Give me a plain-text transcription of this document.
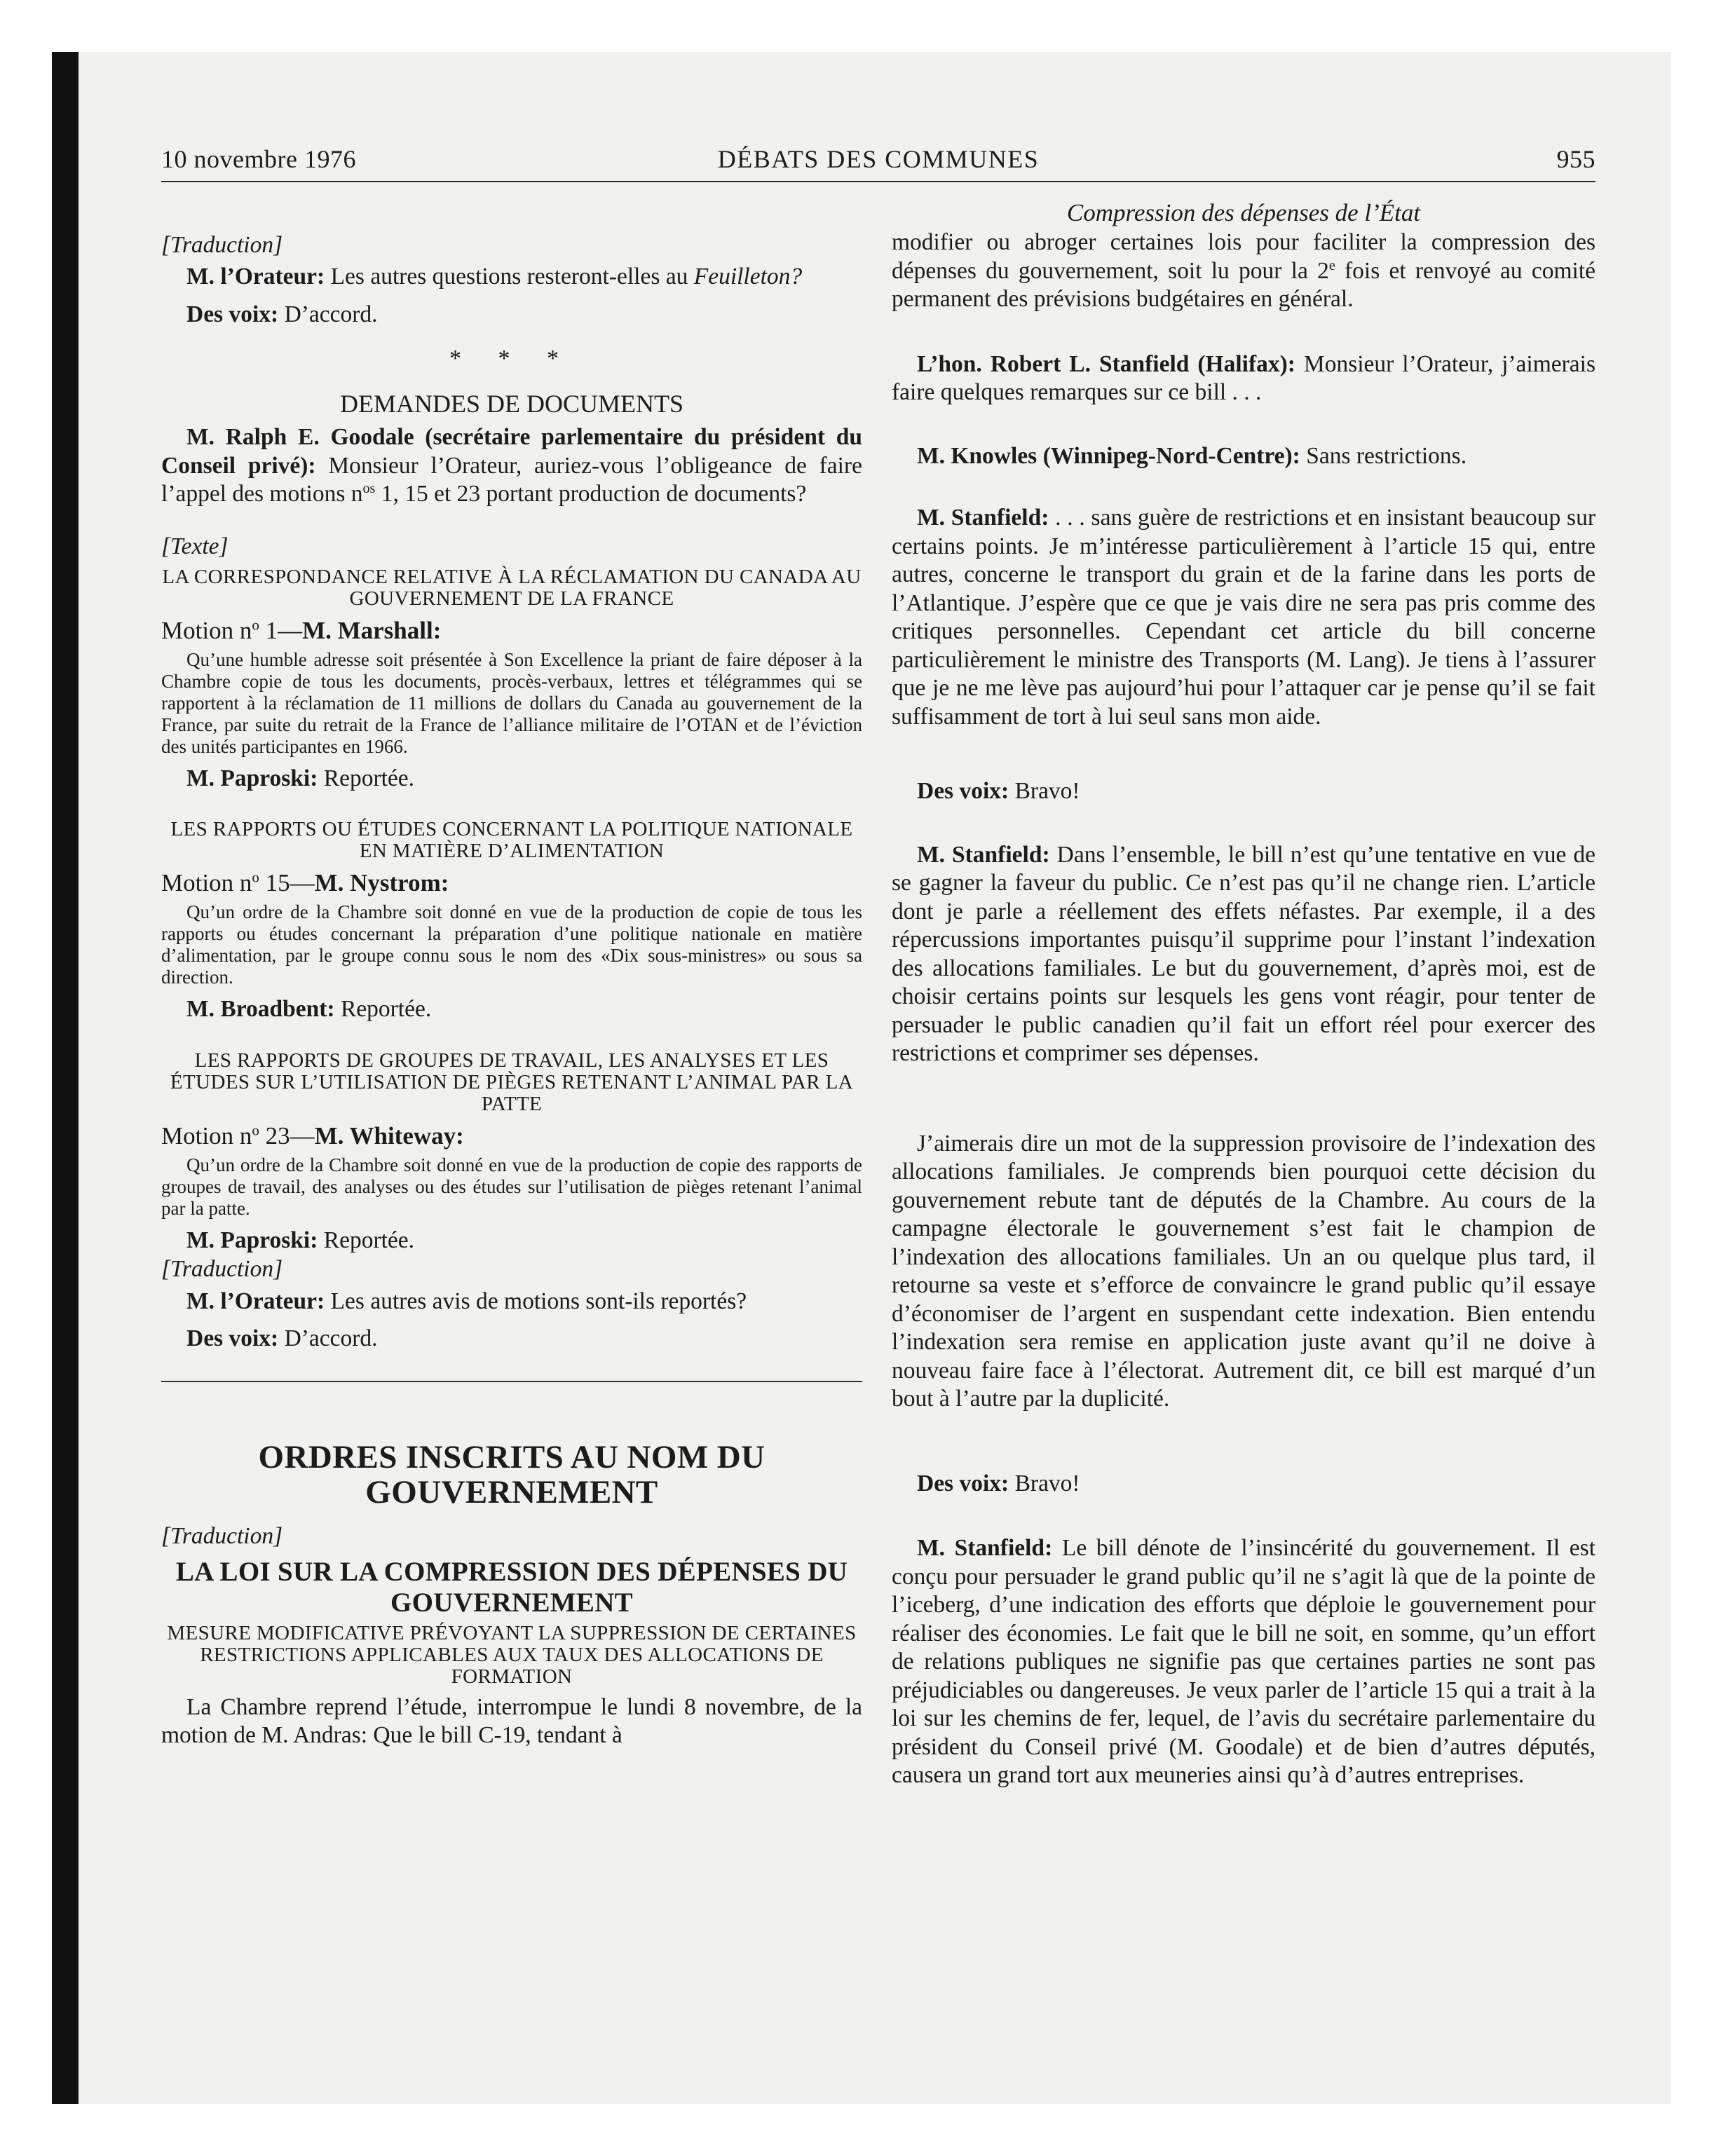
10 novembre 1976	DÉBATS DES COMMUNES	955

[Traduction]

M. l’Orateur: Les autres questions resteront-elles au Feuilleton?

Des voix: D’accord.

* * *

DEMANDES DE DOCUMENTS

M. Ralph E. Goodale (secrétaire parlementaire du président du Conseil privé): Monsieur l’Orateur, auriez-vous l’obligeance de faire l’appel des motions $n^{os}$ 1, 15 et 23 portant production de documents?

[Texte]

LA CORRESPONDANCE RELATIVE À LA RÉCLAMATION DU CANADA AU GOUVERNEMENT DE LA FRANCE

Motion $n^o$ 1—M. Marshall:

Qu’une humble adresse soit présentée à Son Excellence la priant de faire déposer à la Chambre copie de tous les documents, procès-verbaux, lettres et télégrammes qui se rapportent à la réclamation de 11 millions de dollars du Canada au gouvernement de la France, par suite du retrait de la France de l’alliance militaire de l’OTAN et de l’éviction des unités participantes en 1966.

M. Paproski: Reportée.

LES RAPPORTS OU ÉTUDES CONCERNANT LA POLITIQUE NATIONALE EN MATIÈRE D’ALIMENTATION

Motion $n^o$ 15—M. Nystrom:

Qu’un ordre de la Chambre soit donné en vue de la production de copie de tous les rapports ou études concernant la préparation d’une politique nationale en matière d’alimentation, par le groupe connu sous le nom des «Dix sous-ministres» ou sous sa direction.

M. Broadbent: Reportée.

LES RAPPORTS DE GROUPES DE TRAVAIL, LES ANALYSES ET LES ÉTUDES SUR L’UTILISATION DE PIÈGES RETENANT L’ANIMAL PAR LA PATTE

Motion $n^o$ 23—M. Whiteway:

Qu’un ordre de la Chambre soit donné en vue de la production de copie des rapports de groupes de travail, des analyses ou des études sur l’utilisation de pièges retenant l’animal par la patte.

M. Paproski: Reportée.

[Traduction]

M. l’Orateur: Les autres avis de motions sont-ils reportés?

Des voix: D’accord.

ORDRES INSCRITS AU NOM DU GOUVERNEMENT

[Traduction]

LA LOI SUR LA COMPRESSION DES DÉPENSES DU GOUVERNEMENT

MESURE MODIFICATIVE PRÉVOYANT LA SUPPRESSION DE CERTAINES RESTRICTIONS APPLICABLES AUX TAUX DES ALLOCATIONS DE FORMATION

La Chambre reprend l’étude, interrompue le lundi 8 novembre, de la motion de M. Andras: Que le bill C-19, tendant à

Compression des dépenses de l’État

modifier ou abroger certaines lois pour faciliter la compression des dépenses du gouvernement, soit lu pour la 2e fois et renvoyé au comité permanent des prévisions budgétaires en général.

L’hon. Robert L. Stanfield (Halifax): Monsieur l’Orateur, j’aimerais faire quelques remarques sur ce bill . . .

M. Knowles (Winnipeg-Nord-Centre): Sans restrictions.

M. Stanfield: . . . sans guère de restrictions et en insistant beaucoup sur certains points. Je m’intéresse particulièrement à l’article 15 qui, entre autres, concerne le transport du grain et de la farine dans les ports de l’Atlantique. J’espère que ce que je vais dire ne sera pas pris comme des critiques personnelles. Cependant cet article du bill concerne particulièrement le ministre des Transports (M. Lang). Je tiens à l’assurer que je ne me lève pas aujourd’hui pour l’attaquer car je pense qu’il se fait suffisamment de tort à lui seul sans mon aide.

Des voix: Bravo!

M. Stanfield: Dans l’ensemble, le bill n’est qu’une tentative en vue de se gagner la faveur du public. Ce n’est pas qu’il ne change rien. L’article dont je parle a réellement des effets néfastes. Par exemple, il a des répercussions importantes puisqu’il supprime pour l’instant l’indexation des allocations familiales. Le but du gouvernement, d’après moi, est de choisir certains points sur lesquels les gens vont réagir, pour tenter de persuader le public canadien qu’il fait un effort réel pour exercer des restrictions et comprimer ses dépenses.

J’aimerais dire un mot de la suppression provisoire de l’indexation des allocations familiales. Je comprends bien pourquoi cette décision du gouvernement rebute tant de députés de la Chambre. Au cours de la campagne électorale le gouvernement s’est fait le champion de l’indexation des allocations familiales. Un an ou quelque plus tard, il retourne sa veste et s’efforce de convaincre le grand public qu’il essaye d’économiser de l’argent en suspendant cette indexation. Bien entendu l’indexation sera remise en application juste avant qu’il ne doive à nouveau faire face à l’électorat. Autrement dit, ce bill est marqué d’un bout à l’autre par la duplicité.

Des voix: Bravo!

M. Stanfield: Le bill dénote de l’insincérité du gouvernement. Il est conçu pour persuader le grand public qu’il ne s’agit là que de la pointe de l’iceberg, d’une indication des efforts que déploie le gouvernement pour réaliser des économies. Le fait que le bill ne soit, en somme, qu’un effort de relations publiques ne signifie pas que certaines parties ne sont pas préjudiciables ou dangereuses. Je veux parler de l’article 15 qui a trait à la loi sur les chemins de fer, lequel, de l’avis du secrétaire parlementaire du président du Conseil privé (M. Goodale) et de bien d’autres députés, causera un grand tort aux meuneries ainsi qu’à d’autres entreprises.
